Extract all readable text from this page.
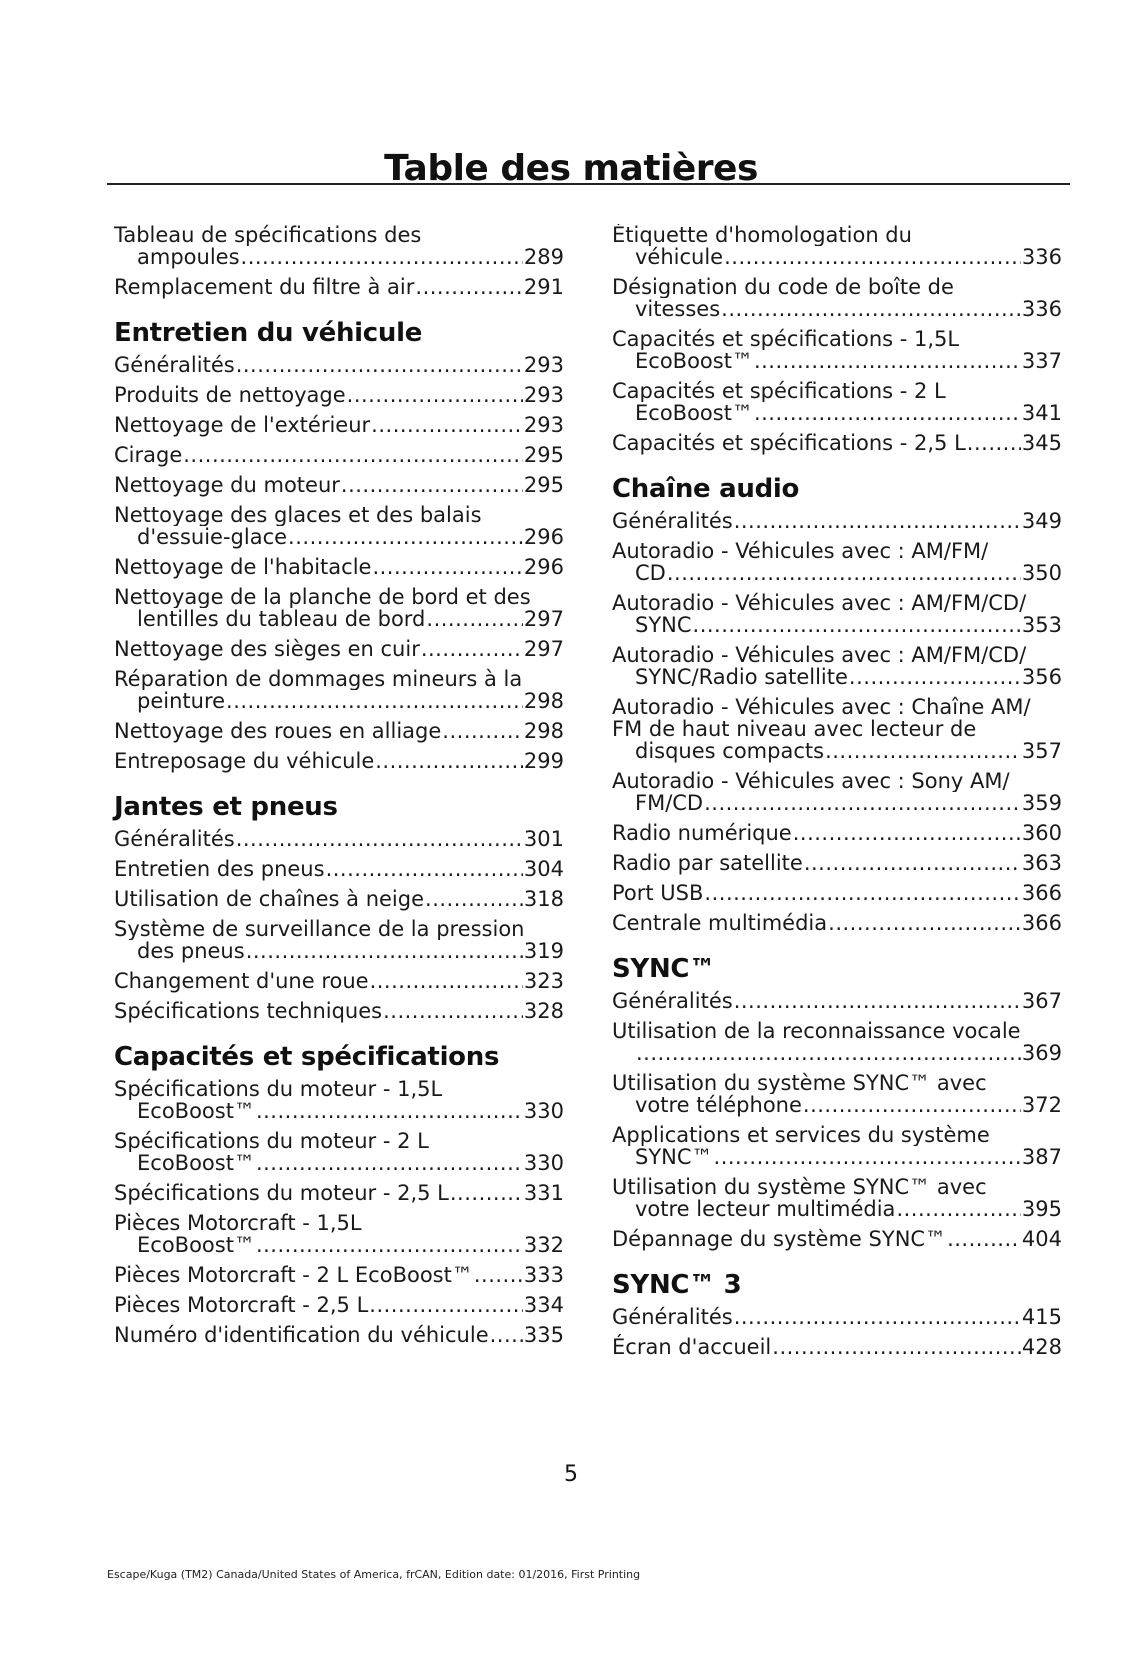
Table des matières
Tableau de spécifications des
ampoules .....	289
Remplacement du filtre à air .....	291
Entretien du véhicule
Généralités .....	293
Produits de nettoyage .....	293
Nettoyage de l'extérieur .....	293
Cirage .....	295
Nettoyage du moteur .....	295
Nettoyage des glaces et des balais
d'essuie-glace .....	296
Nettoyage de l'habitacle .....	296
Nettoyage de la planche de bord et des
lentilles du tableau de bord .....	297
Nettoyage des sièges en cuir .....	297
Réparation de dommages mineurs à la
peinture .....	298
Nettoyage des roues en alliage .....	298
Entreposage du véhicule .....	299
Jantes et pneus
Généralités .....	301
Entretien des pneus .....	304
Utilisation de chaînes à neige .....	318
Système de surveillance de la pression
des pneus .....	319
Changement d'une roue .....	323
Spécifications techniques .....	328
Capacités et spécifications
Spécifications du moteur - 1,5L
EcoBoost™ .....	330
Spécifications du moteur - 2 L
EcoBoost™ .....	330
Spécifications du moteur - 2,5 L .....	331
Pièces Motorcraft - 1,5L
EcoBoost™ .....	332
Pièces Motorcraft - 2 L EcoBoost™ ..... 333
Pièces Motorcraft - 2,5 L .....	334
Numéro d'identification du véhicule ..... 335
Étiquette d'homologation du
véhicule .....	336
Désignation du code de boîte de
vitesses .....	336
Capacités et spécifications - 1,5L
EcoBoost™ .....	337
Capacités et spécifications - 2 L
EcoBoost™ .....	341
Capacités et spécifications - 2,5 L .....	345
Chaîne audio
Généralités .....	349
Autoradio - Véhicules avec : AM/FM/
CD .....	350
Autoradio - Véhicules avec : AM/FM/CD/
SYNC .....	353
Autoradio - Véhicules avec : AM/FM/CD/
SYNC/Radio satellite .....	356
Autoradio - Véhicules avec : Chaîne AM/
FM de haut niveau avec lecteur de
disques compacts .....	357
Autoradio - Véhicules avec : Sony AM/
FM/CD .....	359
Radio numérique .....	360
Radio par satellite .....	363
Port USB .....	366
Centrale multimédia .....	366
SYNC™
Généralités .....	367
Utilisation de la reconnaissance vocale
.....
369
Utilisation du système SYNC™ avec
votre téléphone .....	372
Applications et services du système
SYNC™ .....	387
Utilisation du système SYNC™ avec
votre lecteur multimédia .....	395
Dépannage du système SYNC™ .....	404
SYNC™ 3
Généralités .....	415
Écran d'accueil .....	428
5
Escape/Kuga (TM2) Canada/United States of America, frCAN, Edition date: 01/2016, First Printing
